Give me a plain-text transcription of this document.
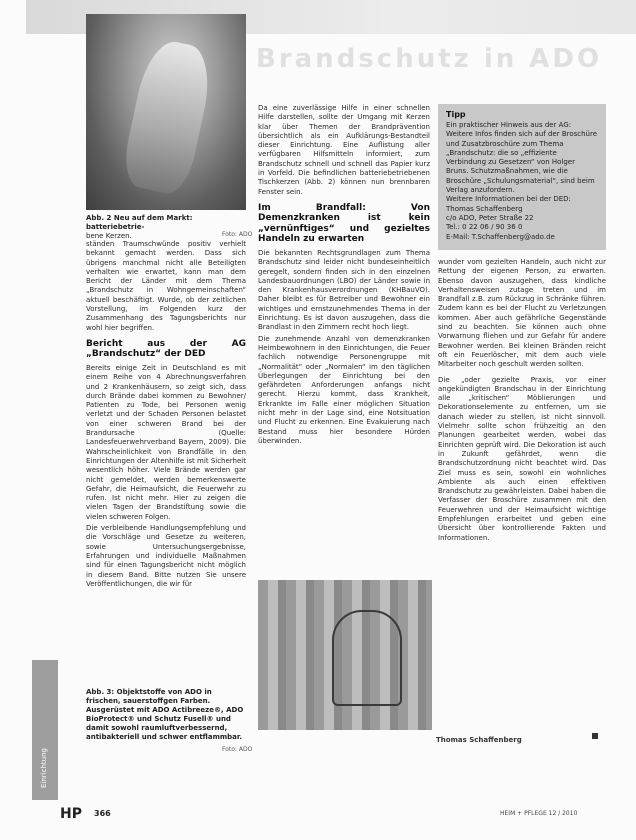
Brandschutz in ADO
Abb. 2 Neu auf dem Markt: batteriebetrie-
bene Kerzen.	Foto: ADO

ständen Traumschwünde positiv verhielt bekannt gemacht werden. Dass sich übrigens manchmal nicht alle Beteiligten verhalten wie erwartet, kann man dem Bericht der Länder mit dem Thema „Brandschutz in Wohngemeinschaften“ aktuell beschäftigt. Wurde, ob der zeitlichen Vorstellung, im Folgenden kurz der Zusammenhang des Tagungsberichts nur wohl hier begriffen.

Bericht aus der AG „Brandschutz“ der DED

Bereits einige Zeit in Deutschland es mit einem Reihe von 4 Abrechnungsverfahren und 2 Krankenhäusern, so zeigt sich, dass durch Brände dabei kommen zu Bewohner/ Patienten zu Tode, bei Personen wenig verletzt und der Schaden Personen belastet von einer schweren Brand bei der Brandursache (Quelle: Landesfeuerwehrverband Bayern, 2009). Die Wahrscheinlichkeit von Brandfälle in den Einrichtungen der Altenhilfe ist mit Sicherheit wesentlich höher. Viele Brände werden gar nicht gemeldet, werden bemerkenswerte Gefahr, die Heimaufsicht, die Feuerwehr zu rufen. Ist nicht mehr. Hier zu zeigen die vielen Tagen der Brandstiftung sowie die vielen schweren Folgen.

Die verbleibende Handlungsempfehlung und die Vorschläge und Gesetze zu weiteren, sowie Untersuchungsergebnisse, Erfahrungen und individuelle Maßnahmen sind für einen Tagungsbericht nicht möglich in diesem Band. Bitte nutzen Sie unsere Veröffentlichungen, die wir für

Abb. 3: Objektstoffe von ADO in frischen, sauerstoffgen Farben. Ausgerüstet mit ADO Actibreeze®, ADO BioProtect® und Schutz Fusell® und damit sowohl raumluftverbessernd, antibakteriell und schwer entflammbar.
Foto: ADO

Da eine zuverlässige Hilfe in einer schnellen Hilfe darstellen, sollte der Umgang mit Kerzen klar über Themen der Brandprävention übersichtlich als ein Aufklärungs-Bestandteil dieser Einrichtung. Eine Auflistung aller verfügbaren Hilfsmitteln informiert, zum Brandschutz schnell und schnell das Papier kurz in Vorfeld. Die befindlichen batteriebetriebenen Tischkerzen (Abb. 2) können nun brennbaren Fenster sein.

Im Brandfall: Von Demenzkranken ist kein „vernünftiges“ und gezieltes Handeln zu erwarten

Die bekannten Rechtsgrundlagen zum Thema Brandschutz sind leider nicht bundeseinheitlich geregelt, sondern finden sich in den einzelnen Landesbauordnungen (LBO) der Länder sowie in den Krankenhausverordnungen (KHBauVO). Daher bleibt es für Betreiber und Bewohner ein wichtiges und ernstzunehmendes Thema in der Einrichtung. Es ist davon auszugehen, dass die Brandlast in den Zimmern recht hoch liegt.

Die zunehmende Anzahl von demenzkranken Heimbewohnern in den Einrichtungen, die Feuer fachlich notwendige Personengruppe mit „Normalität“ oder „Normalen“ im den täglichen Überlegungen der Einrichtung bei den gefährdeten Anforderungen anfangs nicht gerecht. Hierzu kommt, dass Krankheit, Erkrankte im Falle einer möglichen Situation nicht mehr in der Lage sind, eine Notsituation und Flucht zu erkennen. Eine Evakuierung nach Bestand muss hier besondere Hürden überwinden.

Tipp
Ein praktischer Hinweis aus der AG: Weitere Infos finden sich auf der Broschüre und Zusatzbroschüre zum Thema „Brandschutz: die so „effiziente Verbindung zu Gesetzen“ von Holger Bruns. Schutzmaßnahmen, wie die Broschüre „Schulungsmaterial“, sind beim Verlag anzufordern.
Weitere Informationen bei der DED:
Thomas Schaffenberg
c/o ADO, Peter Straße 22
Tel.: 0 22 06 / 90 36 0
E-Mail: T.Schaffenberg@ado.de

wunder vom gezielten Handeln, auch nicht zur Rettung der eigenen Person, zu erwarten. Ebenso davon auszugehen, dass kindliche Verhaltensweisen zutage treten und im Brandfall z.B. zum Rückzug in Schränke führen. Zudem kann es bei der Flucht zu Verletzungen kommen. Aber auch gefährliche Gegenstände sind zu beachten. Sie können auch ohne Vorwarnung fliehen und zur Gefahr für andere Bewohner werden. Bei kleinen Bränden reicht oft ein Feuerlöscher, mit dem auch viele Mitarbeiter noch geschult werden sollten.

Die „oder gezielte Praxis, vor einer angekündigten Brandschau in der Einrichtung alle „kritischen“ Möblierungen und Dekorationselemente zu entfernen, um sie danach wieder zu stellen, ist nicht sinnvoll. Vielmehr sollte schon frühzeitig an den Planungen gearbeitet werden, wobei das Einrichten geprüft wird. Die Dekoration ist auch in Zukunft gefährdet, wenn die Brandschutzordnung nicht beachtet wird. Das Ziel muss es sein, sowohl ein wohnliches Ambiente als auch einen effektiven Brandschutz zu gewährleisten. Dabei haben die Verfasser der Broschüre zusammen mit den Feuerwehren und der Heimaufsicht wichtige Empfehlungen erarbeitet und geben eine Übersicht über kontrollierende Fakten und Informationen.

Thomas Schaffenberg
Einrichtung
HP 366	HEIM + PFLEGE 12 / 2010
